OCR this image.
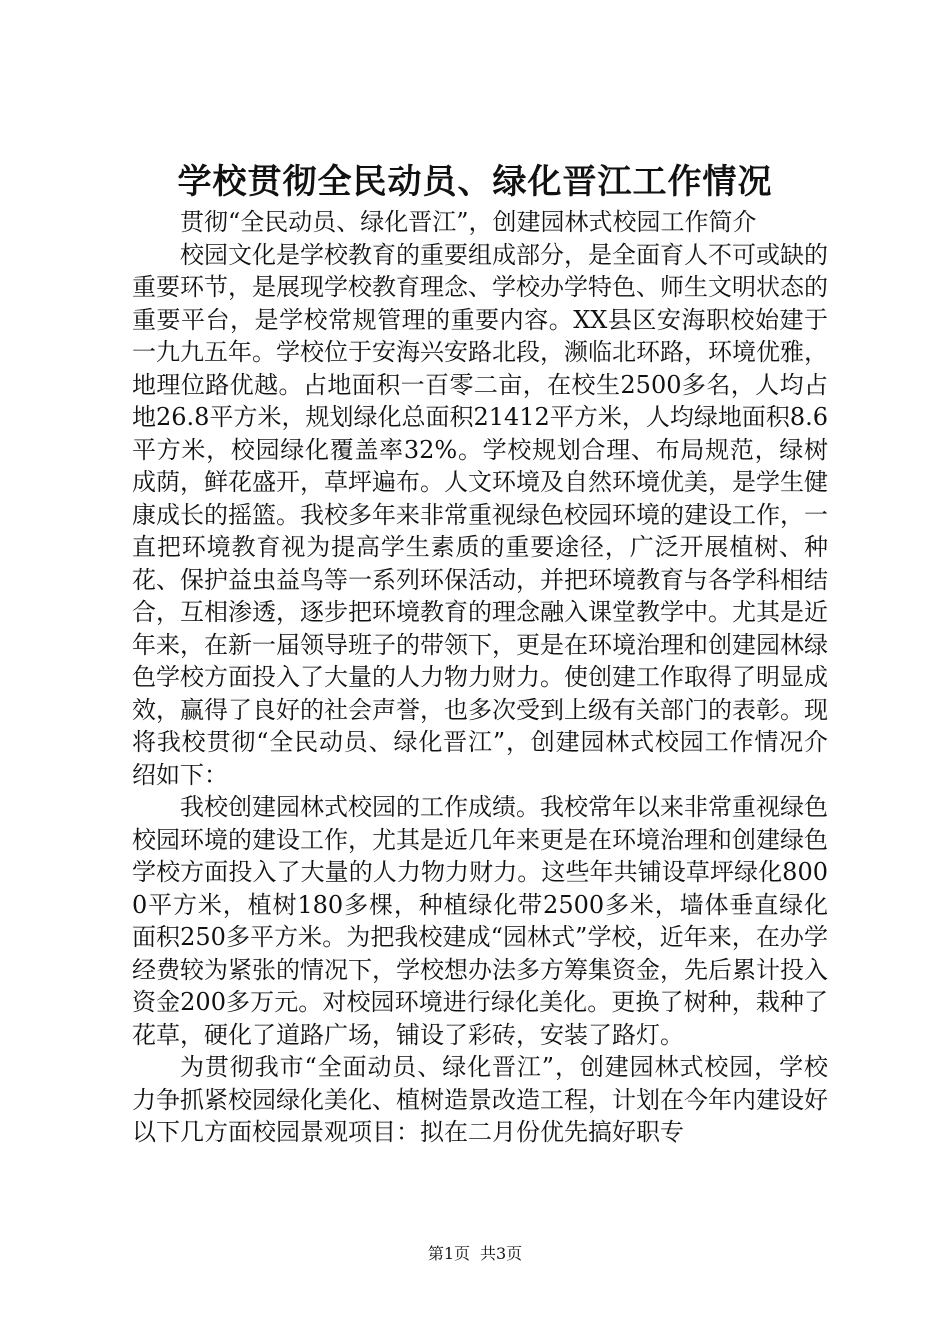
学校贯彻全民动员、绿化晋江工作情况

贯彻“全民动员、绿化晋江”，创建园林式校园工作简介

校园文化是学校教育的重要组成部分，是全面育人不可或缺的重要环节，是展现学校教育理念、学校办学特色、师生文明状态的重要平台，是学校常规管理的重要内容。XX县区安海职校始建于一九九五年。学校位于安海兴安路北段，濒临北环路，环境优雅，地理位路优越。占地面积一百零二亩，在校生2500多名，人均占地26.8平方米，规划绿化总面积21412平方米，人均绿地面积8.6平方米，校园绿化覆盖率32%。学校规划合理、布局规范，绿树成荫，鲜花盛开，草坪遍布。人文环境及自然环境优美，是学生健康成长的摇篮。我校多年来非常重视绿色校园环境的建设工作，一直把环境教育视为提高学生素质的重要途径，广泛开展植树、种花、保护益虫益鸟等一系列环保活动，并把环境教育与各学科相结合，互相渗透，逐步把环境教育的理念融入课堂教学中。尤其是近年来，在新一届领导班子的带领下，更是在环境治理和创建园林绿色学校方面投入了大量的人力物力财力。使创建工作取得了明显成效，赢得了良好的社会声誉，也多次受到上级有关部门的表彰。现将我校贯彻“全民动员、绿化晋江”，创建园林式校园工作情况介绍如下：

我校创建园林式校园的工作成绩。我校常年以来非常重视绿色校园环境的建设工作，尤其是近几年来更是在环境治理和创建绿色学校方面投入了大量的人力物力财力。这些年共铺设草坪绿化8000平方米，植树180多棵，种植绿化带2500多米，墙体垂直绿化面积250多平方米。为把我校建成“园林式”学校，近年来，在办学经费较为紧张的情况下，学校想办法多方筹集资金，先后累计投入资金200多万元。对校园环境进行绿化美化。更换了树种，栽种了花草，硬化了道路广场，铺设了彩砖，安装了路灯。

为贯彻我市“全面动员、绿化晋江”，创建园林式校园，学校力争抓紧校园绿化美化、植树造景改造工程，计划在今年内建设好以下几方面校园景观项目：拟在二月份优先搞好职专

第1页 共3页
